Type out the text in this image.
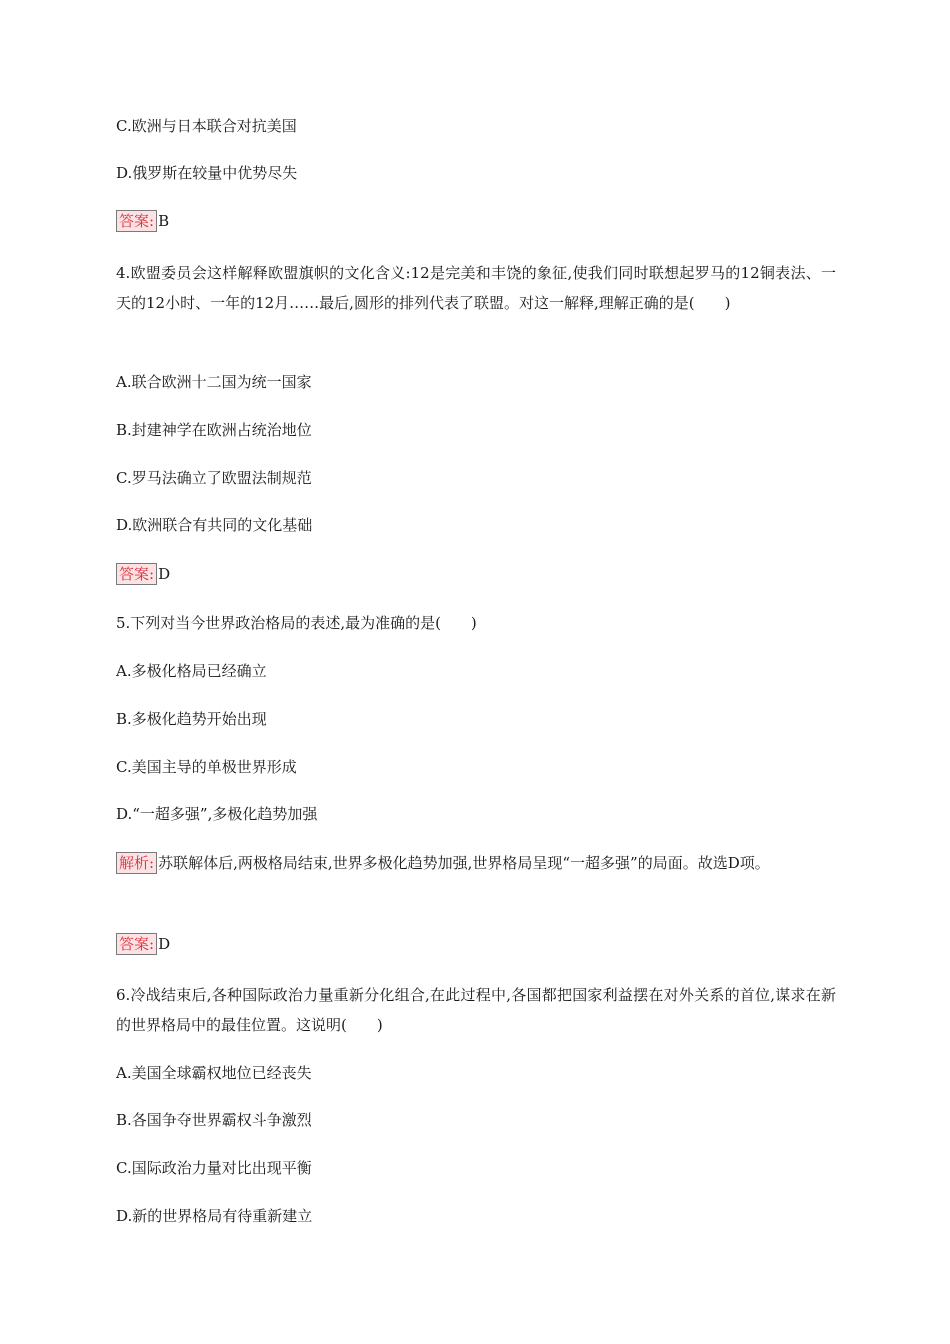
C.欧洲与日本联合对抗美国
D.俄罗斯在较量中优势尽失
答案: B
4.欧盟委员会这样解释欧盟旗帜的文化含义:12是完美和丰饶的象征,使我们同时联想起罗马的12铜表法、一天的12小时、一年的12月……最后,圆形的排列代表了联盟。对这一解释,理解正确的是(　　)
A.联合欧洲十二国为统一国家
B.封建神学在欧洲占统治地位
C.罗马法确立了欧盟法制规范
D.欧洲联合有共同的文化基础
答案: D
5.下列对当今世界政治格局的表述,最为准确的是(　　)
A.多极化格局已经确立
B.多极化趋势开始出现
C.美国主导的单极世界形成
D.“一超多强”,多极化趋势加强
解析: 苏联解体后,两极格局结束,世界多极化趋势加强,世界格局呈现“一超多强”的局面。故选D项。
答案: D
6.冷战结束后,各种国际政治力量重新分化组合,在此过程中,各国都把国家利益摆在对外关系的首位,谋求在新的世界格局中的最佳位置。这说明(　　)
A.美国全球霸权地位已经丧失
B.各国争夺世界霸权斗争激烈
C.国际政治力量对比出现平衡
D.新的世界格局有待重新建立
